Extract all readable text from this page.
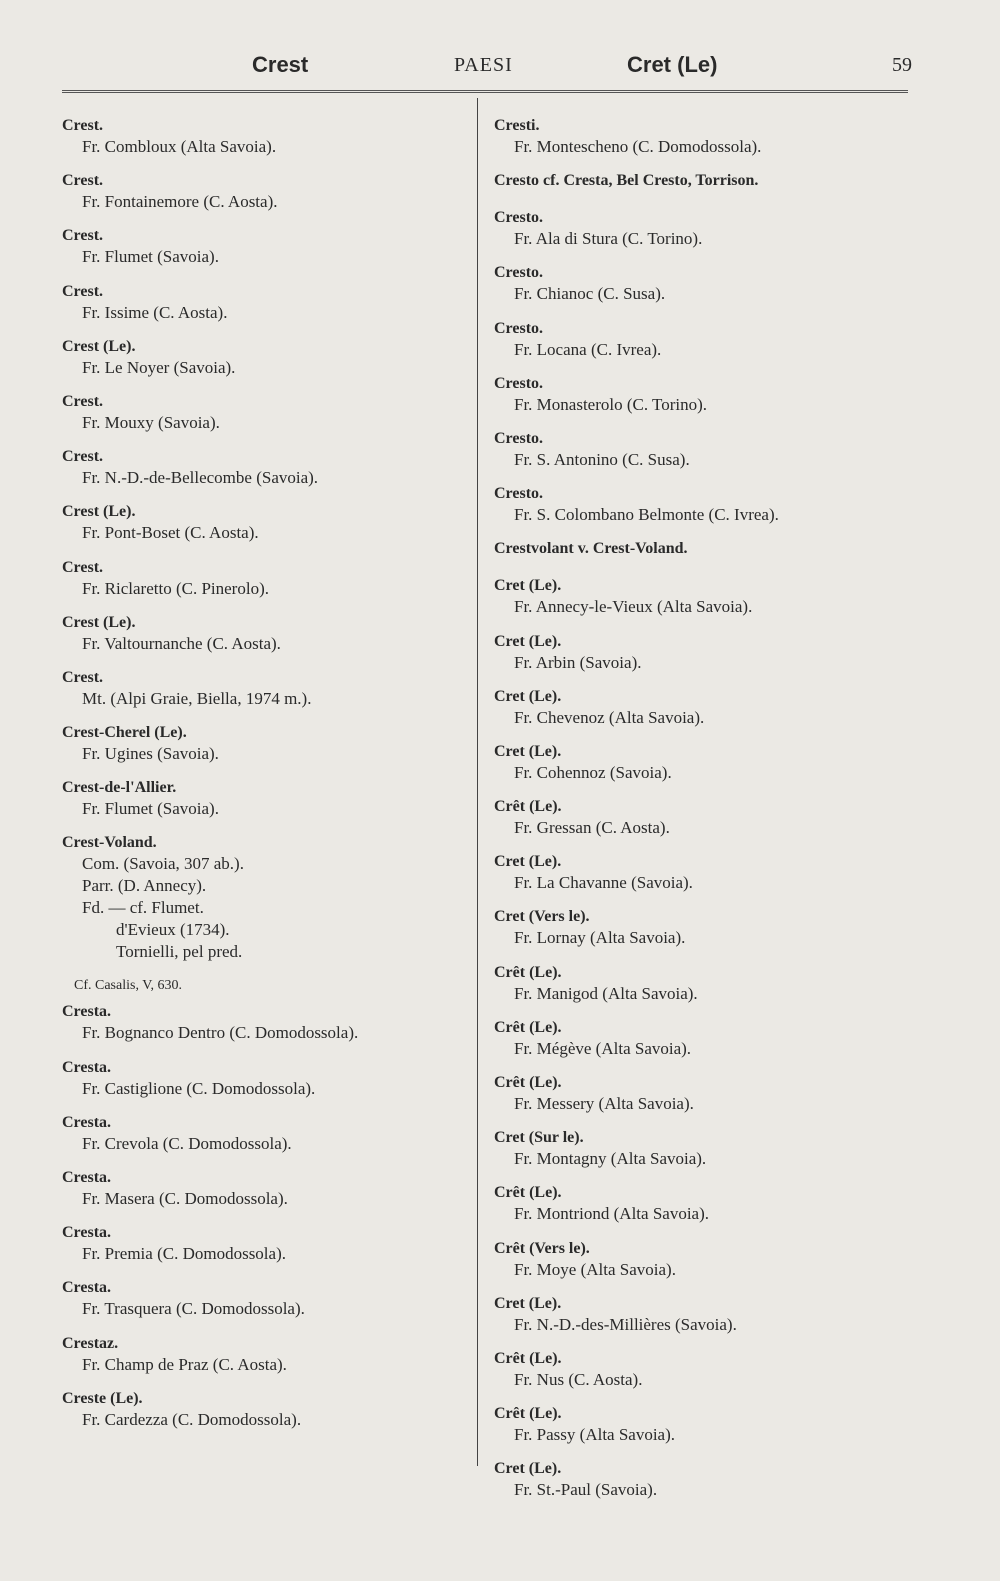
Crest	PAESI	Cret (Le)	59
Crest.
Fr. Combloux (Alta Savoia).
Crest.
Fr. Fontainemore (C. Aosta).
Crest.
Fr. Flumet (Savoia).
Crest.
Fr. Issime (C. Aosta).
Crest (Le).
Fr. Le Noyer (Savoia).
Crest.
Fr. Mouxy (Savoia).
Crest.
Fr. N.-D.-de-Bellecombe (Savoia).
Crest (Le).
Fr. Pont-Boset (C. Aosta).
Crest.
Fr. Riclaretto (C. Pinerolo).
Crest (Le).
Fr. Valtournanche (C. Aosta).
Crest.
Mt. (Alpi Graie, Biella, 1974 m.).
Crest-Cherel (Le).
Fr. Ugines (Savoia).
Crest-de-l'Allier.
Fr. Flumet (Savoia).
Crest-Voland.
Com. (Savoia, 307 ab.).
Parr. (D. Annecy).
Fd. — cf. Flumet.
d'Evieux (1734).
Tornielli, pel pred.
Cf. Casalis, V, 630.
Cresta.
Fr. Bognanco Dentro (C. Domodossola).
Cresta.
Fr. Castiglione (C. Domodossola).
Cresta.
Fr. Crevola (C. Domodossola).
Cresta.
Fr. Masera (C. Domodossola).
Cresta.
Fr. Premia (C. Domodossola).
Cresta.
Fr. Trasquera (C. Domodossola).
Crestaz.
Fr. Champ de Praz (C. Aosta).
Creste (Le).
Fr. Cardezza (C. Domodossola).
Cresti.
Fr. Montescheno (C. Domodossola).
Cresto cf. Cresta, Bel Cresto, Torrison.
Cresto.
Fr. Ala di Stura (C. Torino).
Cresto.
Fr. Chianoc (C. Susa).
Cresto.
Fr. Locana (C. Ivrea).
Cresto.
Fr. Monasterolo (C. Torino).
Cresto.
Fr. S. Antonino (C. Susa).
Cresto.
Fr. S. Colombano Belmonte (C. Ivrea).
Crestvolant v. Crest-Voland.
Cret (Le).
Fr. Annecy-le-Vieux (Alta Savoia).
Cret (Le).
Fr. Arbin (Savoia).
Cret (Le).
Fr. Chevenoz (Alta Savoia).
Cret (Le).
Fr. Cohennoz (Savoia).
Crêt (Le).
Fr. Gressan (C. Aosta).
Cret (Le).
Fr. La Chavanne (Savoia).
Cret (Vers le).
Fr. Lornay (Alta Savoia).
Crêt (Le).
Fr. Manigod (Alta Savoia).
Crêt (Le).
Fr. Mégève (Alta Savoia).
Crêt (Le).
Fr. Messery (Alta Savoia).
Cret (Sur le).
Fr. Montagny (Alta Savoia).
Crêt (Le).
Fr. Montriond (Alta Savoia).
Crêt (Vers le).
Fr. Moye (Alta Savoia).
Cret (Le).
Fr. N.-D.-des-Millières (Savoia).
Crêt (Le).
Fr. Nus (C. Aosta).
Crêt (Le).
Fr. Passy (Alta Savoia).
Cret (Le).
Fr. St.-Paul (Savoia).
